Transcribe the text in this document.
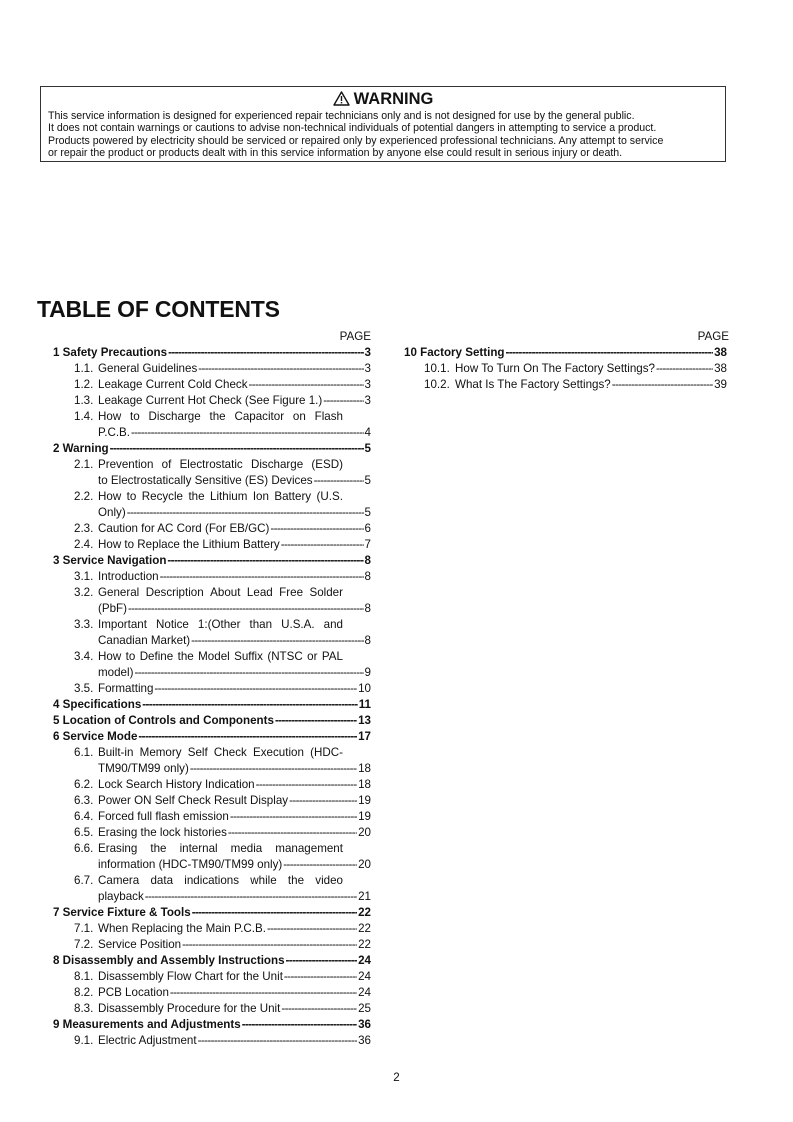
WARNING
This service information is designed for experienced repair technicians only and is not designed for use by the general public.
It does not contain warnings or cautions to advise non-technical individuals of potential dangers in attempting to service a product.
Products powered by electricity should be serviced or repaired only by experienced professional technicians. Any attempt to service
or repair the product or products dealt with in this service information by anyone else could result in serious injury or death.
TABLE OF CONTENTS
PAGE	PAGE
1 Safety Precautions -----	3
1.1. General Guidelines -----	3
1.2. Leakage Current Cold Check -----	3
1.3. Leakage Current Hot Check (See Figure 1.) -----	3
1.4. How to Discharge the Capacitor on Flash
P.C.B. -----	4
2 Warning -----	5
2.1. Prevention of Electrostatic Discharge (ESD)
to Electrostatically Sensitive (ES) Devices -----	5
2.2. How to Recycle the Lithium Ion Battery (U.S.
Only) -----	5
2.3. Caution for AC Cord (For EB/GC) -----	6
2.4. How to Replace the Lithium Battery -----	7
3 Service Navigation -----	8
3.1. Introduction -----	8
3.2. General Description About Lead Free Solder
(PbF) -----	8
3.3. Important Notice 1:(Other than U.S.A. and
Canadian Market) -----	8
3.4. How to Define the Model Suffix (NTSC or PAL
model) -----	9
3.5. Formatting -----	10
4 Specifications -----	11
5 Location of Controls and Components -----	13
6 Service Mode -----	17
6.1. Built-in Memory Self Check Execution (HDC-
TM90/TM99 only) -----	18
6.2. Lock Search History Indication -----	18
6.3. Power ON Self Check Result Display -----	19
6.4. Forced full flash emission -----	19
6.5. Erasing the lock histories -----	20
6.6. Erasing the internal media management
information (HDC-TM90/TM99 only) -----	20
6.7. Camera data indications while the video
playback -----	21
7 Service Fixture & Tools -----	22
7.1. When Replacing the Main P.C.B. -----	22
7.2. Service Position -----	22
8 Disassembly and Assembly Instructions -----	24
8.1. Disassembly Flow Chart for the Unit -----	24
8.2. PCB Location -----	24
8.3. Disassembly Procedure for the Unit -----	25
9 Measurements and Adjustments -----	36
9.1. Electric Adjustment -----	36
10 Factory Setting -----	38
10.1. How To Turn On The Factory Settings? -----	38
10.2. What Is The Factory Settings? -----	39
2
